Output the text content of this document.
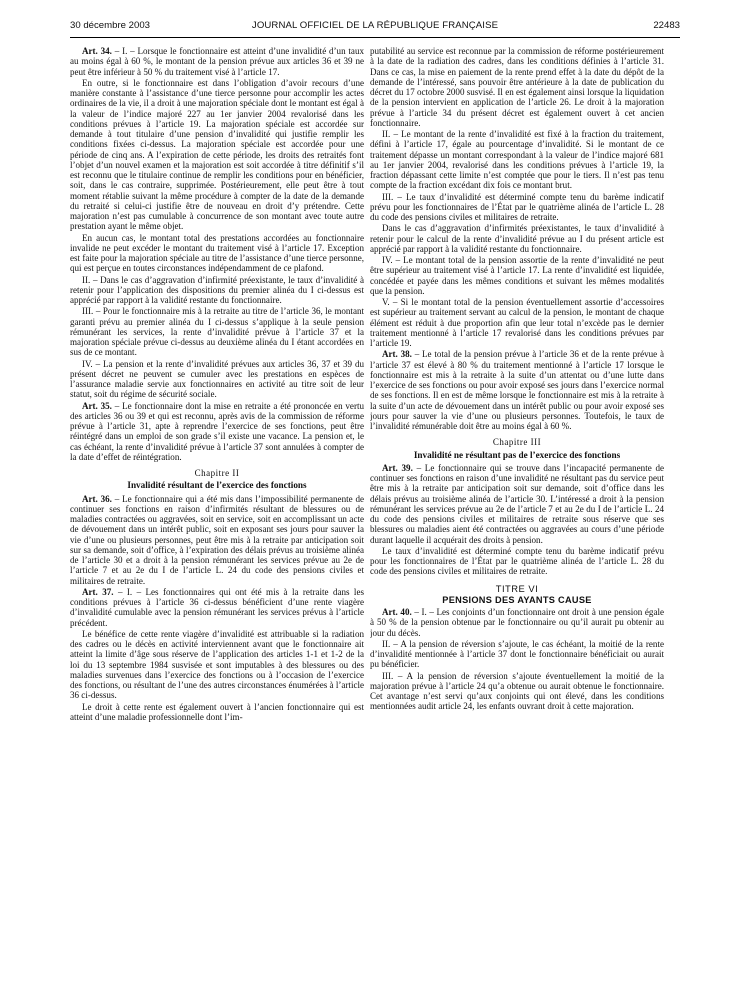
30 décembre 2003	JOURNAL OFFICIEL DE LA RÉPUBLIQUE FRANÇAISE	22483

Art. 34. – I. – Lorsque le fonctionnaire est atteint d’une invalidité d’un taux au moins égal à 60 %, le montant de la pension prévue aux articles 36 et 39 ne peut être inférieur à 50 % du traitement visé à l’article 17.

En outre, si le fonctionnaire est dans l’obligation d’avoir recours d’une manière constante à l’assistance d’une tierce personne pour accomplir les actes ordinaires de la vie, il a droit à une majoration spéciale dont le montant est égal à la valeur de l’indice majoré 227 au 1er janvier 2004 revalorisé dans les conditions prévues à l’article 19. La majoration spéciale est accordée sur demande à tout titulaire d’une pension d’invalidité qui justifie remplir les conditions fixées ci-dessus. La majoration spéciale est accordée pour une période de cinq ans. A l’expiration de cette période, les droits des retraités font l’objet d’un nouvel examen et la majoration est soit accordée à titre définitif s’il est reconnu que le titulaire continue de remplir les conditions pour en bénéficier, soit, dans le cas contraire, supprimée. Postérieurement, elle peut être à tout moment rétablie suivant la même procédure à compter de la date de la demande du retraité si celui-ci justifie être de nouveau en droit d’y prétendre. Cette majoration n’est pas cumulable à concurrence de son montant avec toute autre prestation ayant le même objet.

En aucun cas, le montant total des prestations accordées au fonctionnaire invalide ne peut excéder le montant du traitement visé à l’article 17. Exception est faite pour la majoration spéciale au titre de l’assistance d’une tierce personne, qui est perçue en toutes circonstances indépendamment de ce plafond.

II. – Dans le cas d’aggravation d’infirmité préexistante, le taux d’invalidité à retenir pour l’application des dispositions du premier alinéa du I ci-dessus est apprécié par rapport à la validité restante du fonctionnaire.

III. – Pour le fonctionnaire mis à la retraite au titre de l’article 36, le montant garanti prévu au premier alinéa du I ci-dessus s’applique à la seule pension rémunérant les services, la rente d’invalidité prévue à l’article 37 et la majoration spéciale prévue ci-dessus au deuxième alinéa du I étant accordées en sus de ce montant.

IV. – La pension et la rente d’invalidité prévues aux articles 36, 37 et 39 du présent décret ne peuvent se cumuler avec les prestations en espèces de l’assurance maladie servie aux fonctionnaires en activité au titre soit de leur statut, soit du régime de sécurité sociale.

Art. 35. – Le fonctionnaire dont la mise en retraite a été prononcée en vertu des articles 36 ou 39 et qui est reconnu, après avis de la commission de réforme prévue à l’article 31, apte à reprendre l’exercice de ses fonctions, peut être réintégré dans un emploi de son grade s’il existe une vacance. La pension et, le cas échéant, la rente d’invalidité prévue à l’article 37 sont annulées à compter de la date d’effet de réintégration.

Chapitre II
Invalidité résultant de l’exercice des fonctions

Art. 36. – Le fonctionnaire qui a été mis dans l’impossibilité permanente de continuer ses fonctions en raison d’infirmités résultant de blessures ou de maladies contractées ou aggravées, soit en service, soit en accomplissant un acte de dévouement dans un intérêt public, soit en exposant ses jours pour sauver la vie d’une ou plusieurs personnes, peut être mis à la retraite par anticipation soit sur sa demande, soit d’office, à l’expiration des délais prévus au troisième alinéa de l’article 30 et a droit à la pension rémunérant les services prévue au 2e de l’article 7 et au 2e du I de l’article L. 24 du code des pensions civiles et militaires de retraite.

Art. 37. – I. – Les fonctionnaires qui ont été mis à la retraite dans les conditions prévues à l’article 36 ci-dessus bénéficient d’une rente viagère d’invalidité cumulable avec la pension rémunérant les services prévus à l’article précédent.

Le bénéfice de cette rente viagère d’invalidité est attribuable si la radiation des cadres ou le décès en activité interviennent avant que le fonctionnaire ait atteint la limite d’âge sous réserve de l’application des articles 1-1 et 1-2 de la loi du 13 septembre 1984 susvisée et sont imputables à des blessures ou des maladies survenues dans l’exercice des fonctions ou à l’occasion de l’exercice des fonctions, ou résultant de l’une des autres circonstances énumérées à l’article 36 ci-dessus.

Le droit à cette rente est également ouvert à l’ancien fonctionnaire qui est atteint d’une maladie professionnelle dont l’im-

putabilité au service est reconnue par la commission de réforme postérieurement à la date de la radiation des cadres, dans les conditions définies à l’article 31. Dans ce cas, la mise en paiement de la rente prend effet à la date du dépôt de la demande de l’intéressé, sans pouvoir être antérieure à la date de publication du décret du 17 octobre 2000 susvisé. Il en est également ainsi lorsque la liquidation de la pension intervient en application de l’article 26. Le droit à la majoration prévue à l’article 34 du présent décret est également ouvert à cet ancien fonctionnaire.

II. – Le montant de la rente d’invalidité est fixé à la fraction du traitement, défini à l’article 17, égale au pourcentage d’invalidité. Si le montant de ce traitement dépasse un montant correspondant à la valeur de l’indice majoré 681 au 1er janvier 2004, revalorisé dans les conditions prévues à l’article 19, la fraction dépassant cette limite n’est comptée que pour le tiers. Il n’est pas tenu compte de la fraction excédant dix fois ce montant brut.

III. – Le taux d’invalidité est déterminé compte tenu du barème indicatif prévu pour les fonctionnaires de l’État par le quatrième alinéa de l’article L. 28 du code des pensions civiles et militaires de retraite.

Dans le cas d’aggravation d’infirmités préexistantes, le taux d’invalidité à retenir pour le calcul de la rente d’invalidité prévue au I du présent article est apprécié par rapport à la validité restante du fonctionnaire.

IV. – Le montant total de la pension assortie de la rente d’invalidité ne peut être supérieur au traitement visé à l’article 17. La rente d’invalidité est liquidée, concédée et payée dans les mêmes conditions et suivant les mêmes modalités que la pension.

V. – Si le montant total de la pension éventuellement assortie d’accessoires est supérieur au traitement servant au calcul de la pension, le montant de chaque élément est réduit à due proportion afin que leur total n’excède pas le dernier traitement mentionné à l’article 17 revalorisé dans les conditions prévues par l’article 19.

Art. 38. – Le total de la pension prévue à l’article 36 et de la rente prévue à l’article 37 est élevé à 80 % du traitement mentionné à l’article 17 lorsque le fonctionnaire est mis à la retraite à la suite d’un attentat ou d’une lutte dans l’exercice de ses fonctions ou pour avoir exposé ses jours dans l’exercice normal de ses fonctions. Il en est de même lorsque le fonctionnaire est mis à la retraite à la suite d’un acte de dévouement dans un intérêt public ou pour avoir exposé ses jours pour sauver la vie d’une ou plusieurs personnes. Toutefois, le taux de l’invalidité rémunérable doit être au moins égal à 60 %.

Chapitre III
Invalidité ne résultant pas de l’exercice des fonctions

Art. 39. – Le fonctionnaire qui se trouve dans l’incapacité permanente de continuer ses fonctions en raison d’une invalidité ne résultant pas du service peut être mis à la retraite par anticipation soit sur demande, soit d’office dans les délais prévus au troisième alinéa de l’article 30. L’intéressé a droit à la pension rémunérant les services prévue au 2e de l’article 7 et au 2e du I de l’article L. 24 du code des pensions civiles et militaires de retraite sous réserve que ses blessures ou maladies aient été contractées ou aggravées au cours d’une période durant laquelle il acquérait des droits à pension.

Le taux d’invalidité est déterminé compte tenu du barème indicatif prévu pour les fonctionnaires de l’État par le quatrième alinéa de l’article L. 28 du code des pensions civiles et militaires de retraite.

TITRE VI
PENSIONS DES AYANTS CAUSE

Art. 40. – I. – Les conjoints d’un fonctionnaire ont droit à une pension égale à 50 % de la pension obtenue par le fonctionnaire ou qu’il aurait pu obtenir au jour du décès.

II. – A la pension de réversion s’ajoute, le cas échéant, la moitié de la rente d’invalidité mentionnée à l’article 37 dont le fonctionnaire bénéficiait ou aurait pu bénéficier.

III. – A la pension de réversion s’ajoute éventuellement la moitié de la majoration prévue à l’article 24 qu’a obtenue ou aurait obtenue le fonctionnaire. Cet avantage n’est servi qu’aux conjoints qui ont élevé, dans les conditions mentionnées audit article 24, les enfants ouvrant droit à cette majoration.
